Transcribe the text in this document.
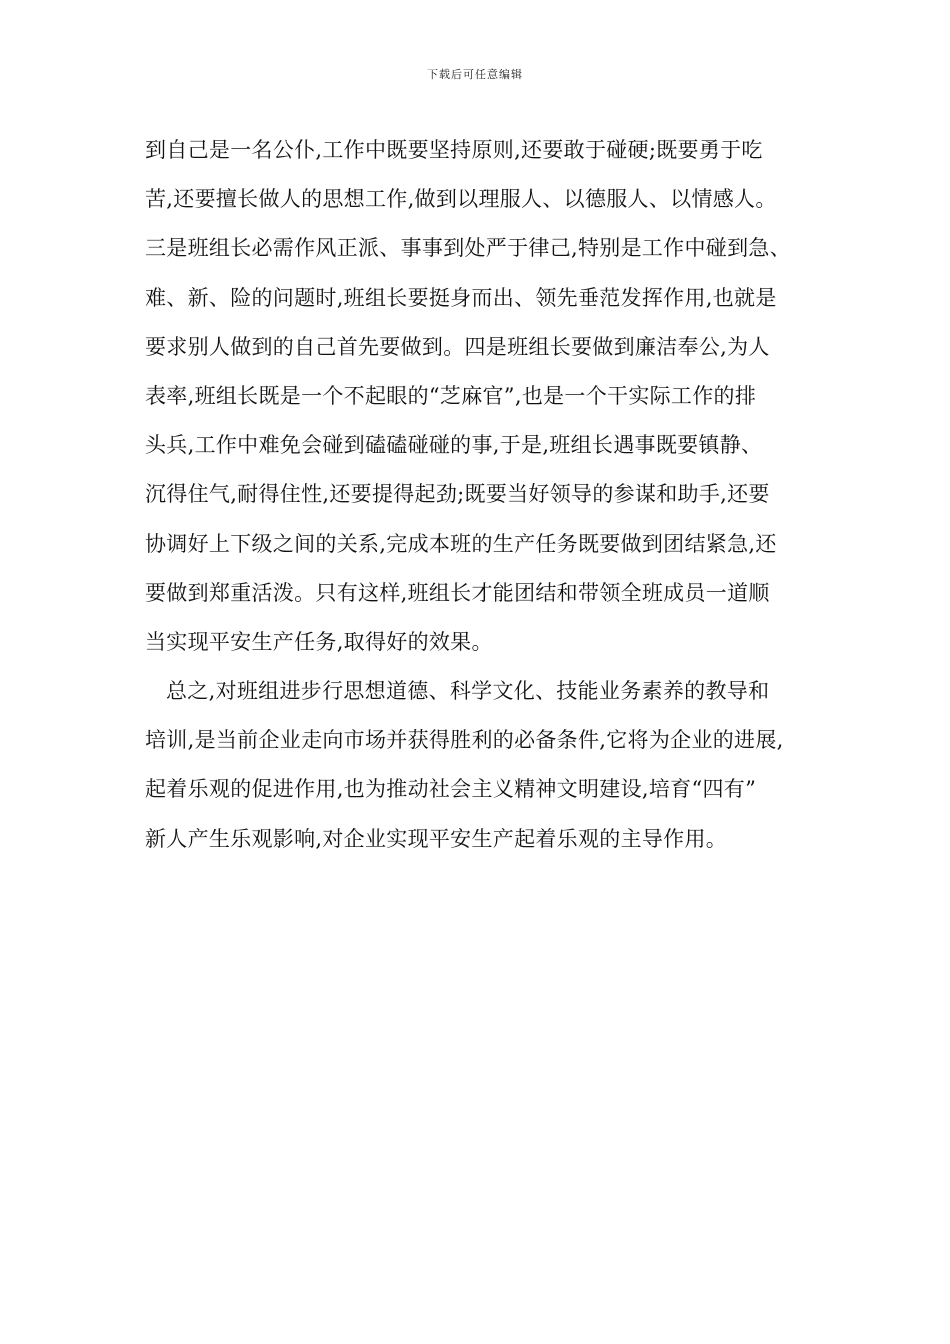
下载后可任意编辑
到自己是一名公仆,工作中既要坚持原则,还要敢于碰硬;既要勇于吃
苦,还要擅长做人的思想工作,做到以理服人、以德服人、以情感人。
三是班组长必需作风正派、事事到处严于律己,特别是工作中碰到急、
难、新、险的问题时,班组长要挺身而出、领先垂范发挥作用,也就是
要求别人做到的自己首先要做到。四是班组长要做到廉洁奉公,为人
表率,班组长既是一个不起眼的“芝麻官”,也是一个干实际工作的排
头兵,工作中难免会碰到磕磕碰碰的事,于是,班组长遇事既要镇静、
沉得住气,耐得住性,还要提得起劲;既要当好领导的参谋和助手,还要
协调好上下级之间的关系,完成本班的生产任务既要做到团结紧急,还
要做到郑重活泼。只有这样,班组长才能团结和带领全班成员一道顺
当实现平安生产任务,取得好的效果。
总之,对班组进步行思想道德、科学文化、技能业务素养的教导和
培训,是当前企业走向市场并获得胜利的必备条件,它将为企业的进展,
起着乐观的促进作用,也为推动社会主义精神文明建设,培育“四有”
新人产生乐观影响,对企业实现平安生产起着乐观的主导作用。
